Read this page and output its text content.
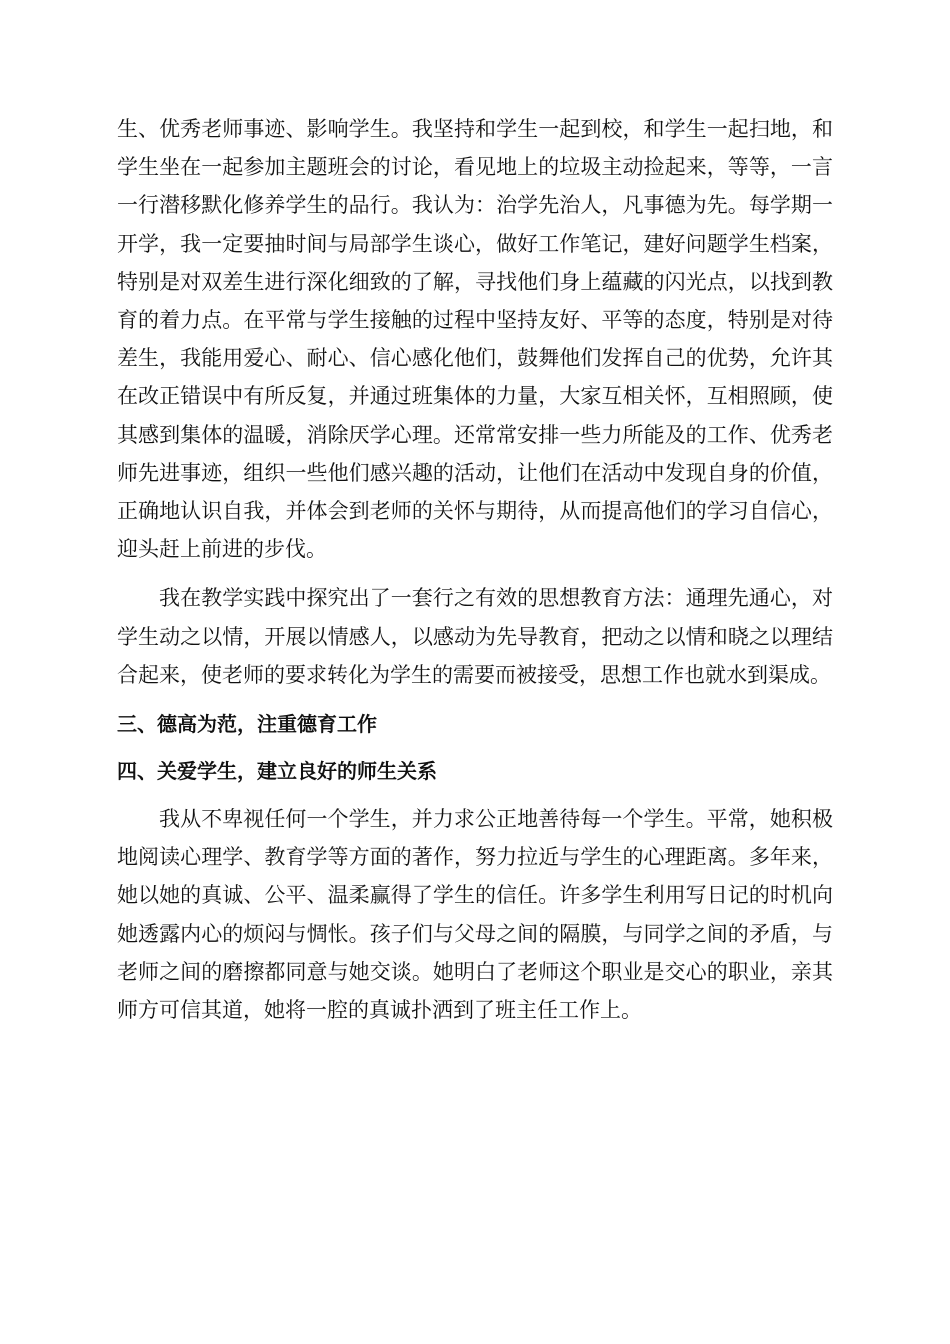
生、优秀老师事迹、影响学生。我坚持和学生一起到校，和学生一起扫地，和学生坐在一起参加主题班会的讨论，看见地上的垃圾主动捡起来，等等，一言一行潜移默化修养学生的品行。我认为：治学先治人，凡事德为先。每学期一开学，我一定要抽时间与局部学生谈心，做好工作笔记，建好问题学生档案，特别是对双差生进行深化细致的了解，寻找他们身上蕴藏的闪光点，以找到教育的着力点。在平常与学生接触的过程中坚持友好、平等的态度，特别是对待差生，我能用爱心、耐心、信心感化他们，鼓舞他们发挥自己的优势，允许其在改正错误中有所反复，并通过班集体的力量，大家互相关怀，互相照顾，使其感到集体的温暖，消除厌学心理。还常常安排一些力所能及的工作、优秀老师先进事迹，组织一些他们感兴趣的活动，让他们在活动中发现自身的价值，正确地认识自我，并体会到老师的关怀与期待，从而提高他们的学习自信心，迎头赶上前进的步伐。

我在教学实践中探究出了一套行之有效的思想教育方法：通理先通心，对学生动之以情，开展以情感人，以感动为先导教育，把动之以情和晓之以理结合起来，使老师的要求转化为学生的需要而被接受，思想工作也就水到渠成。

三、德高为范，注重德育工作

四、关爱学生，建立良好的师生关系

我从不卑视任何一个学生，并力求公正地善待每一个学生。平常，她积极地阅读心理学、教育学等方面的著作，努力拉近与学生的心理距离。多年来，她以她的真诚、公平、温柔赢得了学生的信任。许多学生利用写日记的时机向她透露内心的烦闷与惆怅。孩子们与父母之间的隔膜，与同学之间的矛盾，与老师之间的磨擦都同意与她交谈。她明白了老师这个职业是交心的职业，亲其师方可信其道，她将一腔的真诚扑洒到了班主任工作上。
